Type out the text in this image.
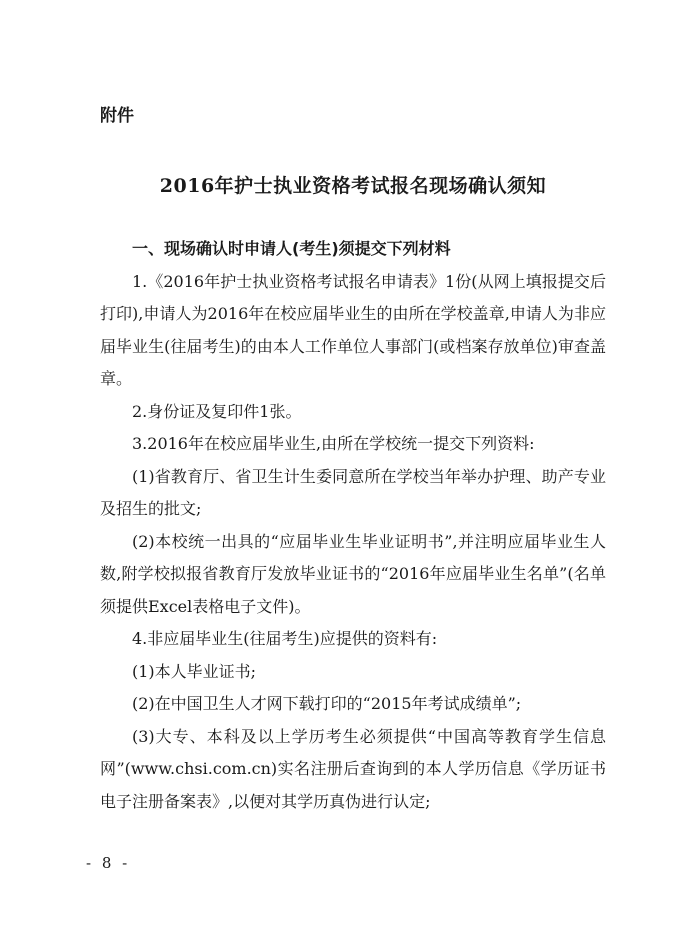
附件
2016年护士执业资格考试报名现场确认须知

一、现场确认时申请人(考生)须提交下列材料

1.《2016年护士执业资格考试报名申请表》1份(从网上填报提交后打印),申请人为2016年在校应届毕业生的由所在学校盖章,申请人为非应届毕业生(往届考生)的由本人工作单位人事部门(或档案存放单位)审查盖章。

2.身份证及复印件1张。

3.2016年在校应届毕业生,由所在学校统一提交下列资料:

(1)省教育厅、省卫生计生委同意所在学校当年举办护理、助产专业及招生的批文;

(2)本校统一出具的“应届毕业生毕业证明书”,并注明应届毕业生人数,附学校拟报省教育厅发放毕业证书的“2016年应届毕业生名单”(名单须提供Excel表格电子文件)。

4.非应届毕业生(往届考生)应提供的资料有:

(1)本人毕业证书;

(2)在中国卫生人才网下载打印的“2015年考试成绩单”;

(3)大专、本科及以上学历考生必须提供“中国高等教育学生信息网”(www.chsi.com.cn)实名注册后查询到的本人学历信息《学历证书电子注册备案表》,以便对其学历真伪进行认定;

- 8 -
